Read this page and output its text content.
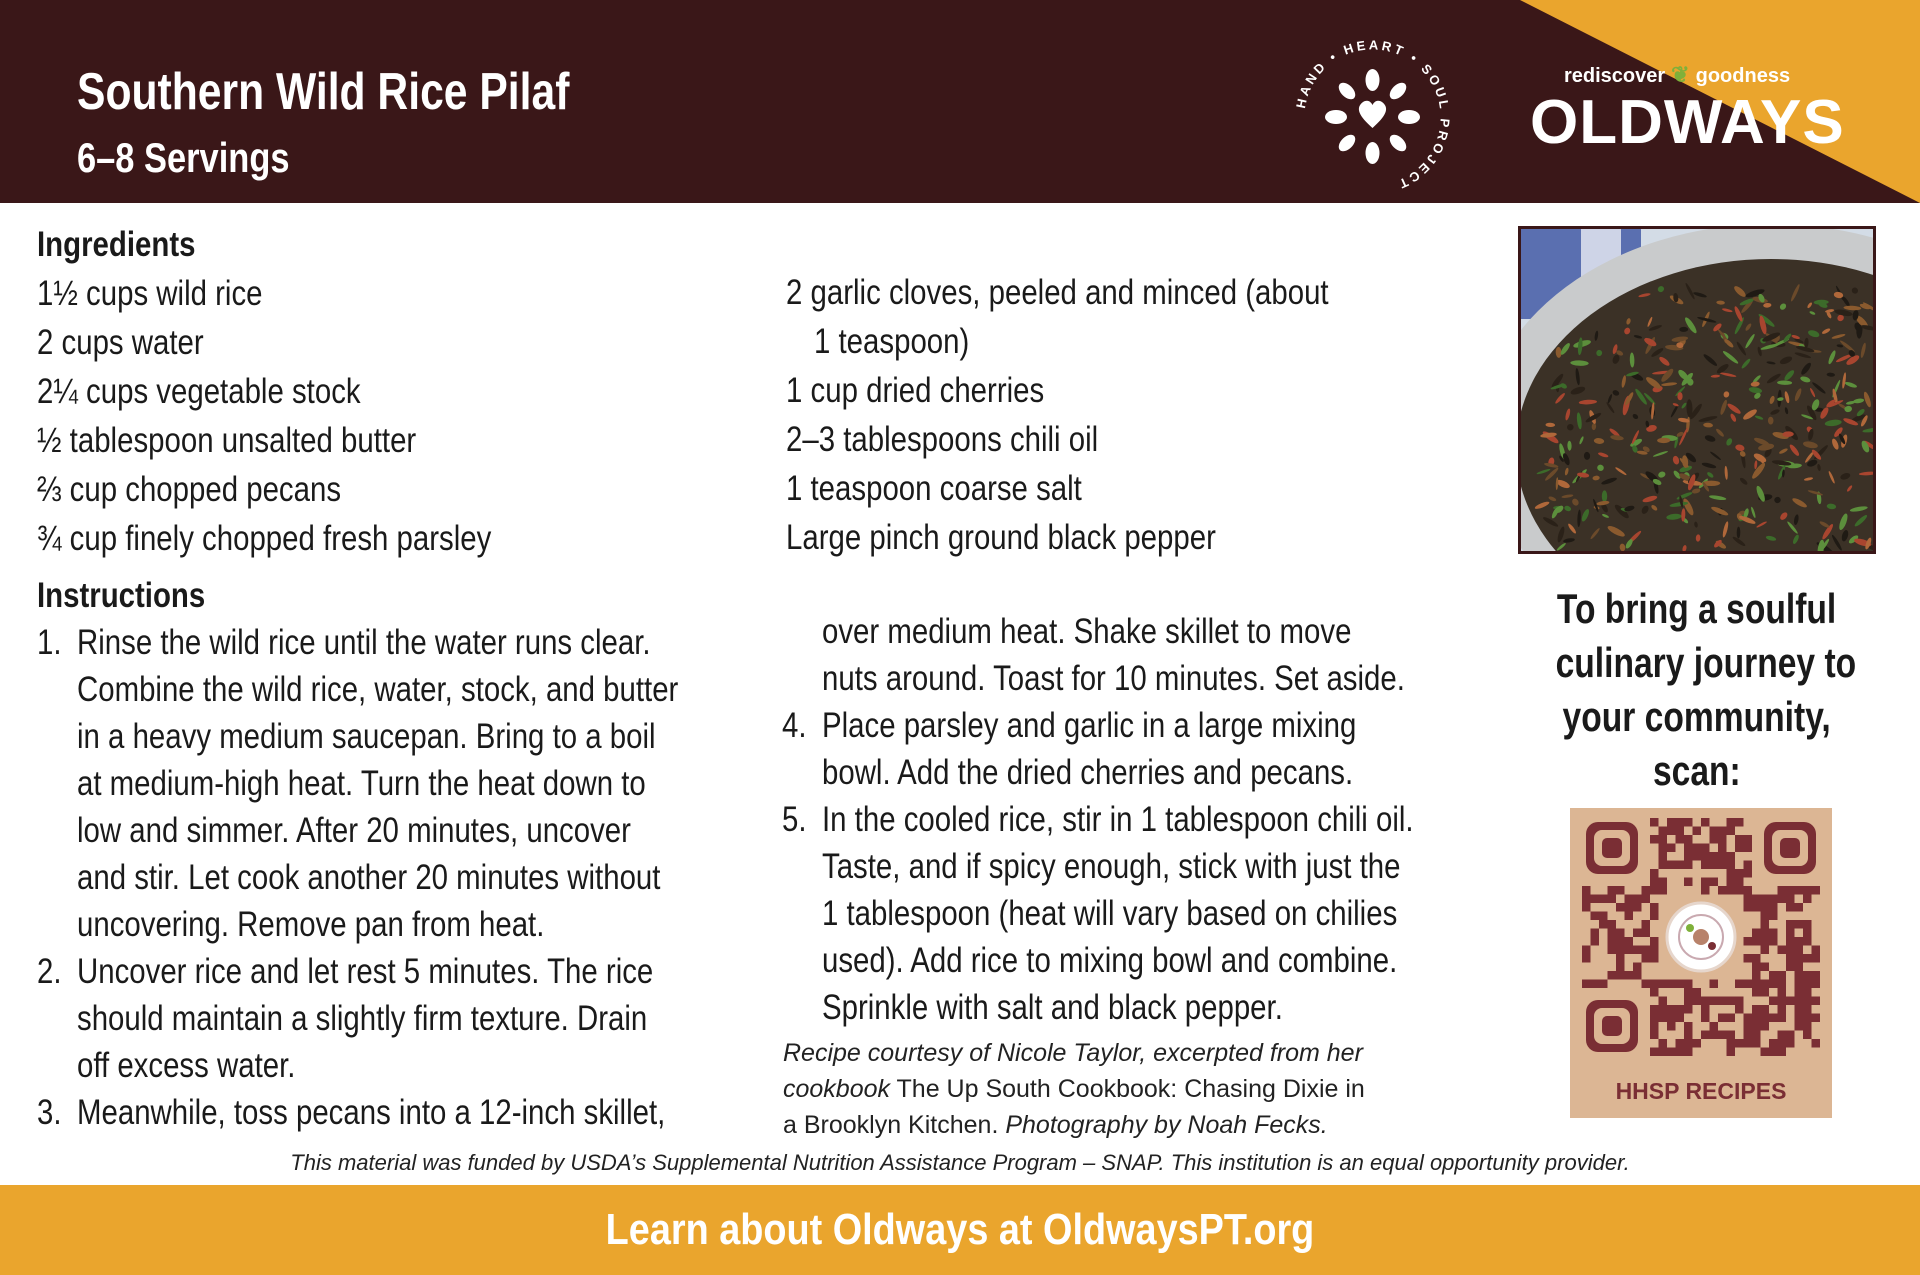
Southern Wild Rice Pilaf
6–8 Servings
HAND • HEART • SOUL PROJECT
rediscover ❦ goodness
OLDWAYS
Ingredients
1½ cups wild rice
2 cups water
2¼ cups vegetable stock
½ tablespoon unsalted butter
⅔ cup chopped pecans
¾ cup finely chopped fresh parsley
2 garlic cloves, peeled and minced (about
1 teaspoon)
1 cup dried cherries
2–3 tablespoons chili oil
1 teaspoon coarse salt
Large pinch ground black pepper
Instructions
1. Rinse the wild rice until the water runs clear.
Combine the wild rice, water, stock, and butter
in a heavy medium saucepan. Bring to a boil
at medium-high heat. Turn the heat down to
low and simmer. After 20 minutes, uncover
and stir. Let cook another 20 minutes without
uncovering. Remove pan from heat.
2. Uncover rice and let rest 5 minutes. The rice
should maintain a slightly firm texture. Drain
off excess water.
3. Meanwhile, toss pecans into a 12-inch skillet,
over medium heat. Shake skillet to move
nuts around. Toast for 10 minutes. Set aside.
4. Place parsley and garlic in a large mixing
bowl. Add the dried cherries and pecans.
5. In the cooled rice, stir in 1 tablespoon chili oil.
Taste, and if spicy enough, stick with just the
1 tablespoon (heat will vary based on chilies
used). Add rice to mixing bowl and combine.
Sprinkle with salt and black pepper.
Recipe courtesy of Nicole Taylor, excerpted from her
cookbook The Up South Cookbook: Chasing Dixie in
a Brooklyn Kitchen. Photography by Noah Fecks.
To bring a soulful
culinary journey to
your community,
scan:
HHSP RECIPES
This material was funded by USDA’s Supplemental Nutrition Assistance Program – SNAP. This institution is an equal opportunity provider.
Learn about Oldways at OldwaysPT.org
